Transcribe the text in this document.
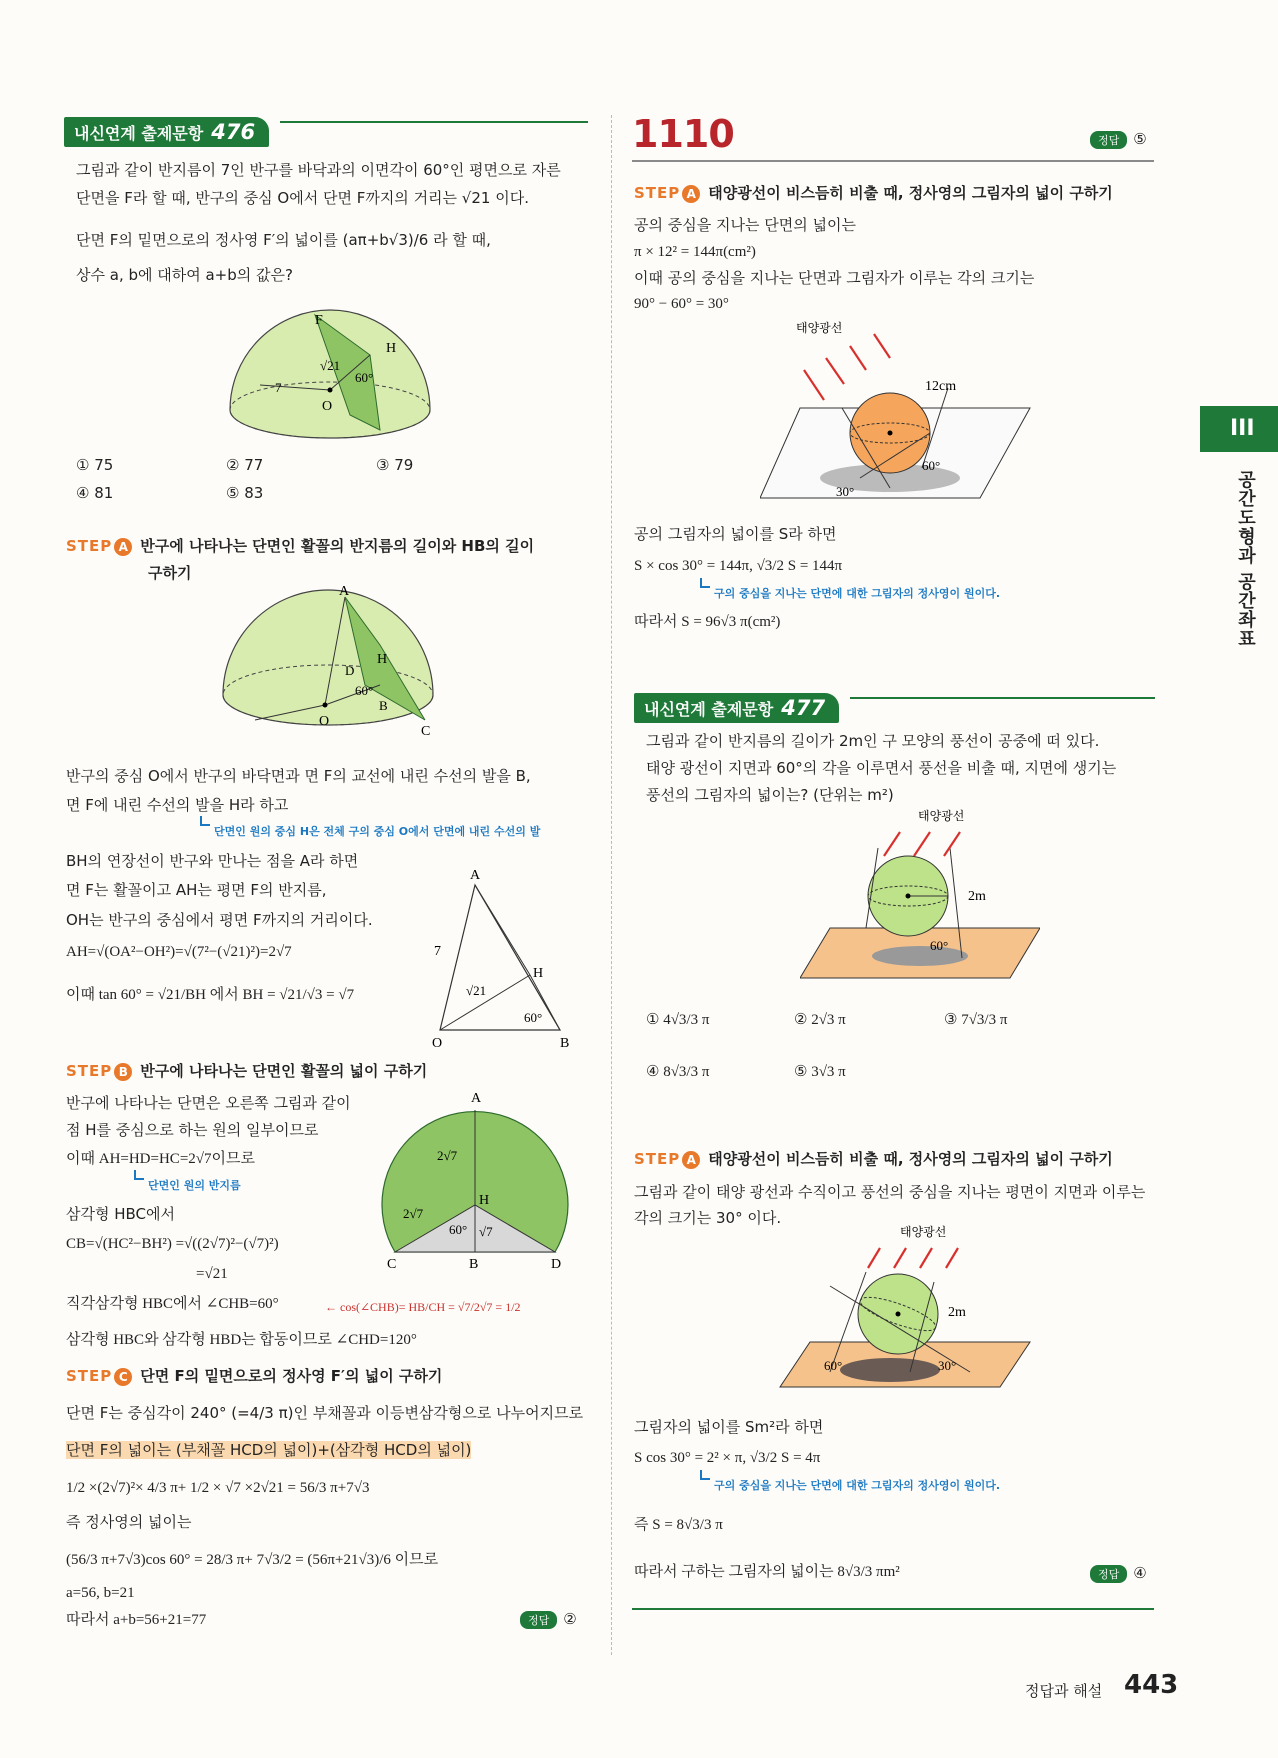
내신연계 출제문항 476
그림과 같이 반지름이 7인 반구를 바닥과의 이면각이 60°인 평면으로 자른
단면을 F라 할 때, 반구의 중심 O에서 단면 F까지의 거리는 √21 이다.
단면 F의 밑면으로의 정사영 F′의 넓이를 (aπ+b√3)/6 라 할 때,
상수 a, b에 대하여 a+b의 값은?
F
H
√21
60°
7
O
① 75	② 77	③ 79
④ 81	⑤ 83
STEP A 반구에 나타나는 단면인 활꼴의 반지름의 길이와 HB의 길이
구하기
A
H
D
60°
B
O
C
반구의 중심 O에서 반구의 바닥면과 면 F의 교선에 내린 수선의 발을 B,
면 F에 내린 수선의 발을 H라 하고
단면인 원의 중심 H은 전체 구의 중심 O에서 단면에 내린 수선의 발
BH의 연장선이 반구와 만나는 점을 A라 하면
면 F는 활꼴이고 AH는 평면 F의 반지름,
OH는 반구의 중심에서 평면 F까지의 거리이다.
AH=√(OA²−OH²)=√(7²−(√21)²)=2√7
이때 tan 60° = √21/BH 에서 BH = √21/√3 = √7
A
7
H
√21
60°
O	B
STEP B 반구에 나타나는 단면인 활꼴의 넓이 구하기
반구에 나타나는 단면은 오른쪽 그림과 같이
점 H를 중심으로 하는 원의 일부이므로
이때 AH=HD=HC=2√7이므로
단면인 원의 반지름
삼각형 HBC에서
CB=√(HC²−BH²) =√((2√7)²−(√7)²)
=√21
직각삼각형 HBC에서 ∠CHB=60°	← cos(∠CHB)= HB/CH = √7/2√7 = 1/2
삼각형 HBC와 삼각형 HBD는 합동이므로 ∠CHD=120°
A
2√7
2√7
H
60° √7
C	B	D
STEP C 단면 F의 밑면으로의 정사영 F′의 넓이 구하기
단면 F는 중심각이 240° (=4/3 π)인 부채꼴과 이등변삼각형으로 나누어지므로
단면 F의 넓이는 (부채꼴 HCD의 넓이)+(삼각형 HCD의 넓이)
1/2 ×(2√7)²× 4/3 π+ 1/2 × √7 ×2√21 = 56/3 π+7√3
즉 정사영의 넓이는
(56/3 π+7√3)cos 60° = 28/3 π+ 7√3/2 = (56π+21√3)/6 이므로
a=56, b=21
따라서 a+b=56+21=77	정답 ②
1110	정답 ⑤
STEP A 태양광선이 비스듬히 비출 때, 정사영의 그림자의 넓이 구하기
공의 중심을 지나는 단면의 넓이는
π × 12² = 144π(cm²)
이때 공의 중심을 지나는 단면과 그림자가 이루는 각의 크기는
90° − 60° = 30°
태양광선
12cm
60°
30°
공의 그림자의 넓이를 S라 하면
S × cos 30° = 144π, √3/2 S = 144π
구의 중심을 지나는 단면에 대한 그림자의 정사영이 원이다.
따라서 S = 96√3 π(cm²)
내신연계 출제문항 477
그림과 같이 반지름의 길이가 2m인 구 모양의 풍선이 공중에 떠 있다.
태양 광선이 지면과 60°의 각을 이루면서 풍선을 비출 때, 지면에 생기는
풍선의 그림자의 넓이는? (단위는 m²)
태양광선
2m
60°
① 4√3/3 π	② 2√3 π	③ 7√3/3 π
④ 8√3/3 π	⑤ 3√3 π
STEP A 태양광선이 비스듬히 비출 때, 정사영의 그림자의 넓이 구하기
그림과 같이 태양 광선과 수직이고 풍선의 중심을 지나는 평면이 지면과 이루는
각의 크기는 30° 이다.
태양광선
2m
60°	30°
그림자의 넓이를 Sm²라 하면
S cos 30° = 2² × π, √3/2 S = 4π
구의 중심을 지나는 단면에 대한 그림자의 정사영이 원이다.
즉 S = 8√3/3 π
따라서 구하는 그림자의 넓이는 8√3/3 πm²	정답 ④
III
공간도형과 공간좌표
정답과 해설 443
